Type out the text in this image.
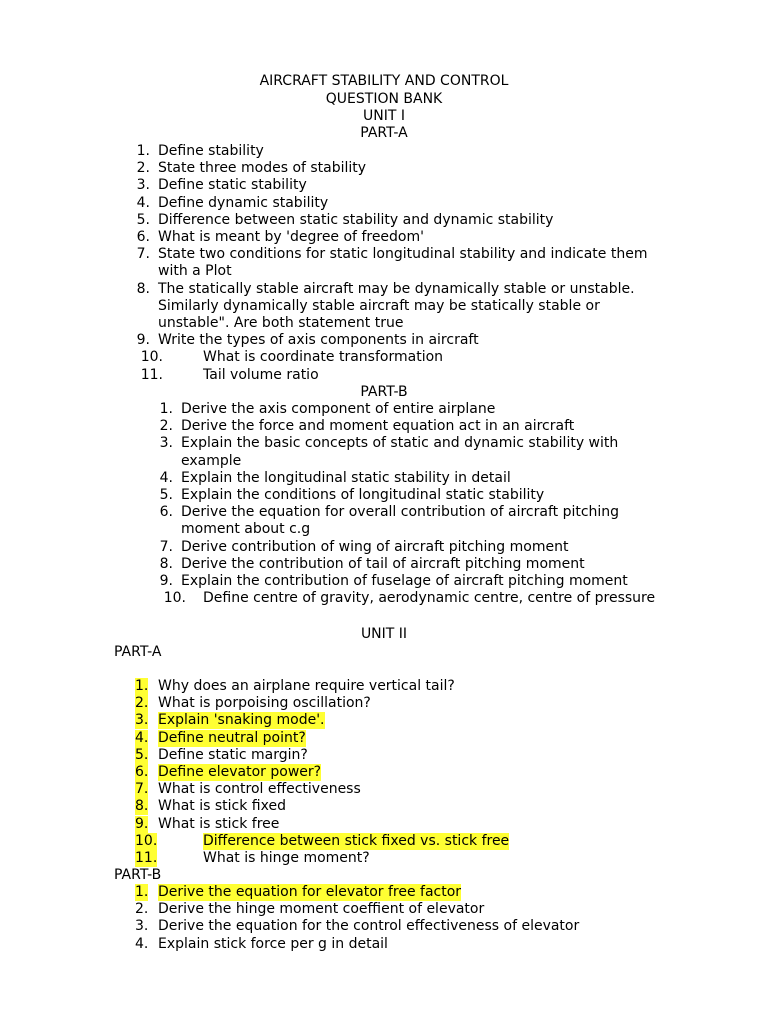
AIRCRAFT STABILITY AND CONTROL
QUESTION BANK
UNIT I
PART-A
1. Define stability
2. State three modes of stability
3. Define static stability
4. Define dynamic stability
5. Difference between static stability and dynamic stability
6. What is meant by 'degree of freedom'
7. State two conditions for static longitudinal stability and indicate them
with a Plot
8. The statically stable aircraft may be dynamically stable or unstable.
Similarly dynamically stable aircraft may be statically stable or
unstable". Are both statement true
9. Write the types of axis components in aircraft
10.	What is coordinate transformation
11.	Tail volume ratio
PART-B
1. Derive the axis component of entire airplane
2. Derive the force and moment equation act in an aircraft
3. Explain the basic concepts of static and dynamic stability with
example
4. Explain the longitudinal static stability in detail
5. Explain the conditions of longitudinal static stability
6. Derive the equation for overall contribution of aircraft pitching
moment about c.g
7. Derive contribution of wing of aircraft pitching moment
8. Derive the contribution of tail of aircraft pitching moment
9. Explain the contribution of fuselage of aircraft pitching moment
10. Define centre of gravity, aerodynamic centre, centre of pressure
UNIT II
PART-A
1. Why does an airplane require vertical tail?
2. What is porpoising oscillation?
3. Explain 'snaking mode'.
4. Define neutral point?
5. Define static margin?
6. Define elevator power?
7. What is control effectiveness
8. What is stick fixed
9. What is stick free
10.	Difference between stick fixed vs. stick free
11.	What is hinge moment?
PART-B
1. Derive the equation for elevator free factor
2. Derive the hinge moment coeffient of elevator
3. Derive the equation for the control effectiveness of elevator
4. Explain stick force per g in detail
